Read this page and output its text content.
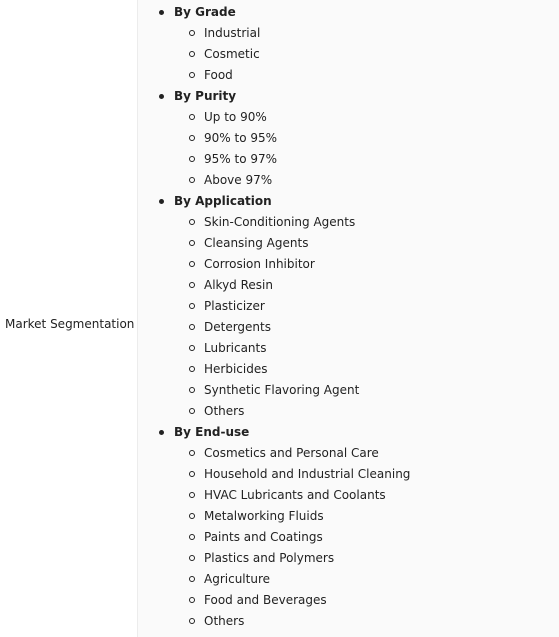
Market Segmentation
By Grade
Industrial
Cosmetic
Food
By Purity
Up to 90%
90% to 95%
95% to 97%
Above 97%
By Application
Skin-Conditioning Agents
Cleansing Agents
Corrosion Inhibitor
Alkyd Resin
Plasticizer
Detergents
Lubricants
Herbicides
Synthetic Flavoring Agent
Others
By End-use
Cosmetics and Personal Care
Household and Industrial Cleaning
HVAC Lubricants and Coolants
Metalworking Fluids
Paints and Coatings
Plastics and Polymers
Agriculture
Food and Beverages
Others
